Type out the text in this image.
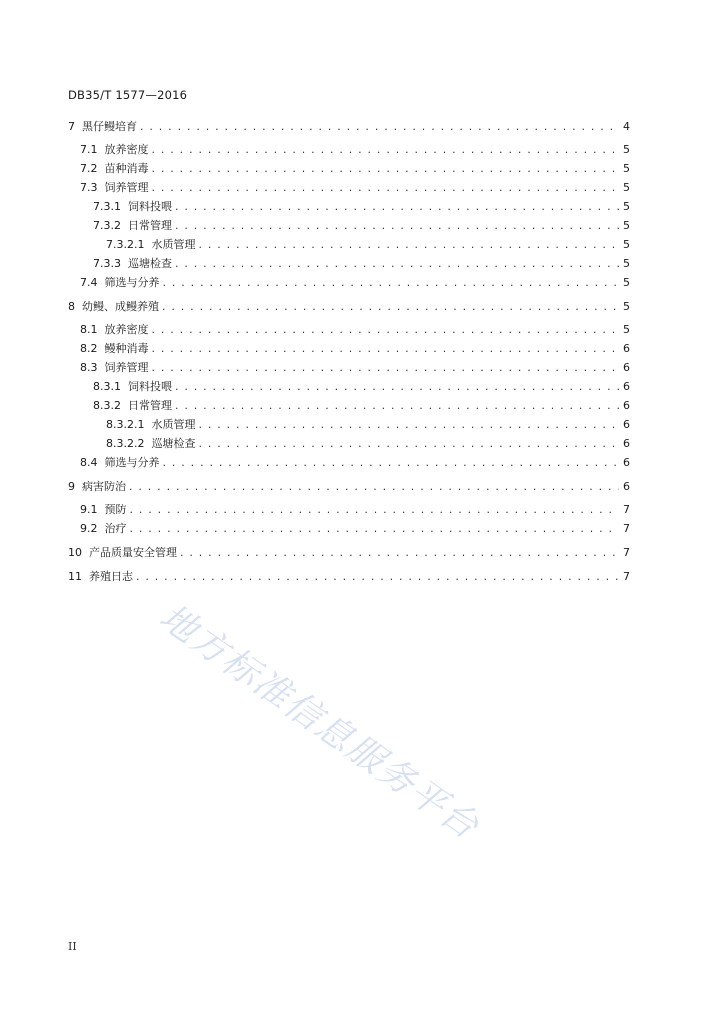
DB35/T 1577—2016
7  黑仔鳗培育 . . .	4
7.1  放养密度 . . .	5
7.2  苗种消毒 . . .	5
7.3  饲养管理 . . .	5
7.3.1  饲料投喂 . . .	5
7.3.2  日常管理 . . .	5
7.3.2.1  水质管理 . . .	5
7.3.3  巡塘检查 . . .	5
7.4  筛选与分养 . . .	5
8  幼鳗、成鳗养殖 . . .	5
8.1  放养密度 . . .	5
8.2  鳗种消毒 . . .	6
8.3  饲养管理 . . .	6
8.3.1  饲料投喂 . . .	6
8.3.2  日常管理 . . .	6
8.3.2.1  水质管理 . . .	6
8.3.2.2  巡塘检查 . . .	6
8.4  筛选与分养 . . .	6
9  病害防治 . . .	6
9.1  预防 . . .	7
9.2  治疗 . . .	7
10  产品质量安全管理 . . .	7
11  养殖日志 . . .	7
地方标准信息服务平台
II
